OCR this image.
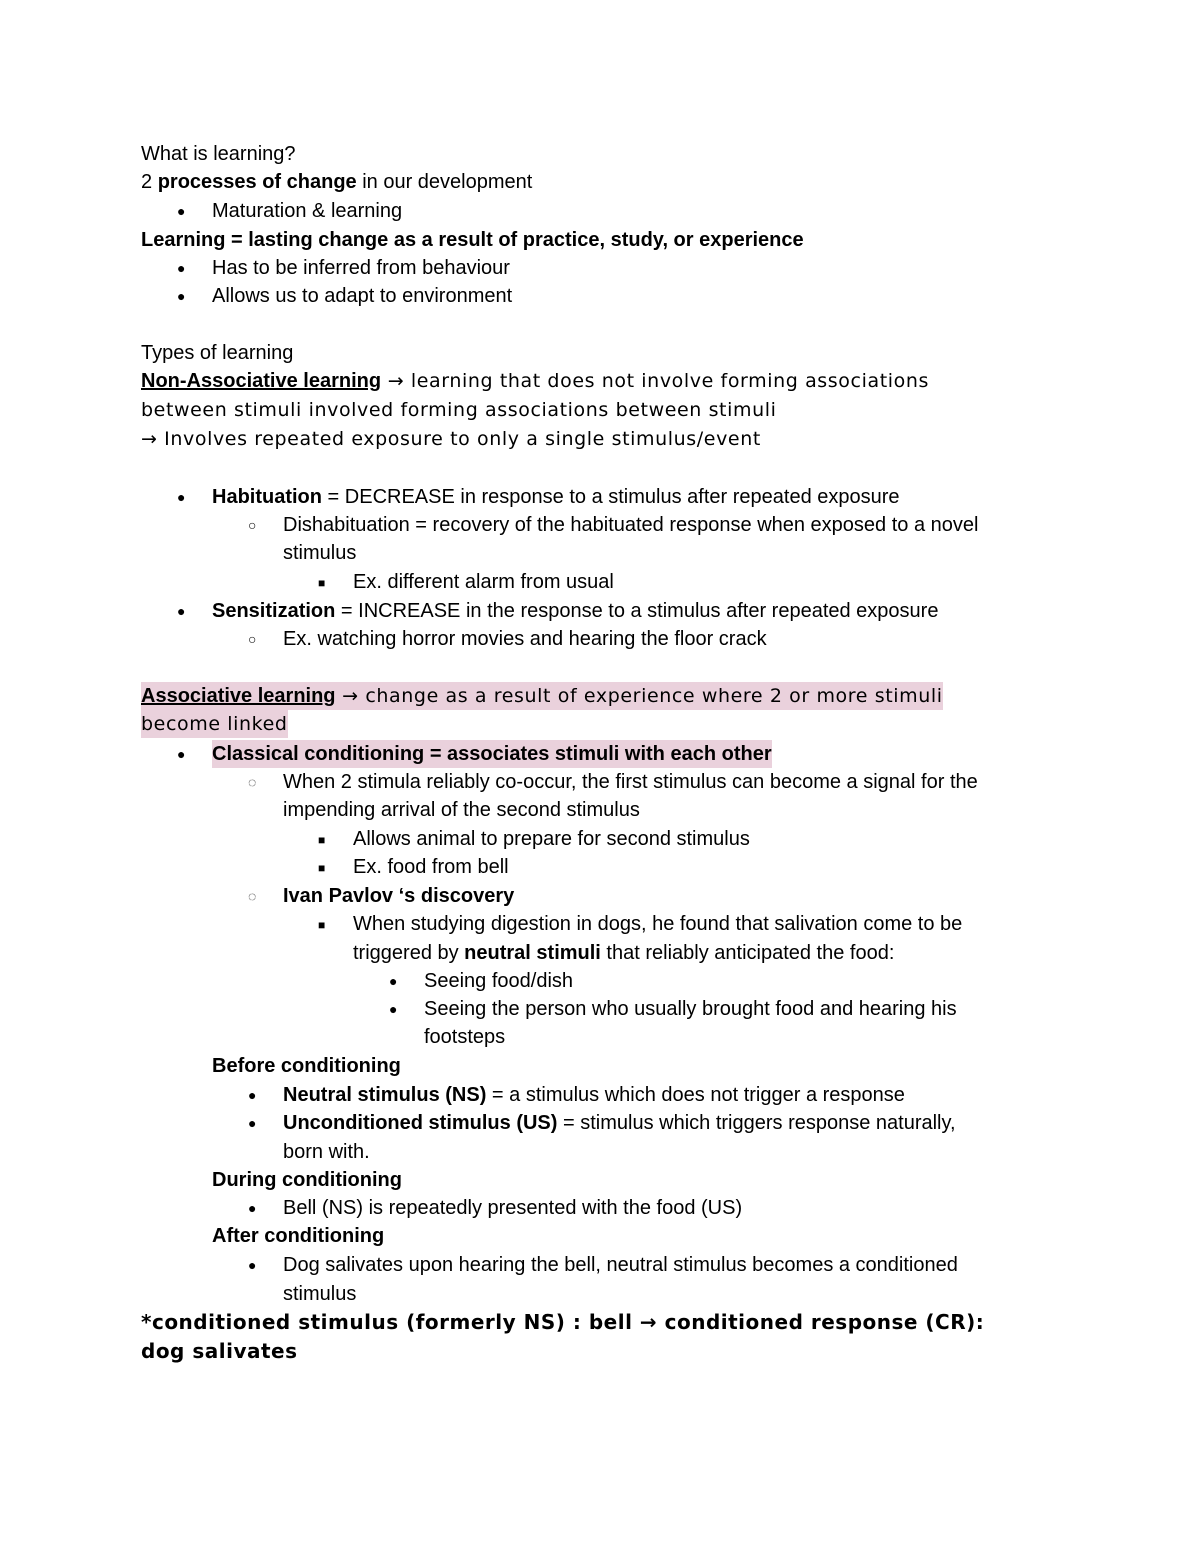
What is learning?
2 processes of change in our development
●
Maturation & learning
Learning = lasting change as a result of practice, study, or experience
●
Has to be inferred from behaviour
●
Allows us to adapt to environment
Types of learning
Non-Associative learning → learning that does not involve forming associations
between stimuli involved forming associations between stimuli
→ Involves repeated exposure to only a single stimulus/event
●
Habituation = DECREASE in response to a stimulus after repeated exposure
○
Dishabituation = recovery of the habituated response when exposed to a novel
stimulus
■
Ex. different alarm from usual
●
Sensitization = INCREASE in the response to a stimulus after repeated exposure
○
Ex. watching horror movies and hearing the floor crack
Associative learning → change as a result of experience where 2 or more stimuli
become linked
●
Classical conditioning = associates stimuli with each other
◌
When 2 stimula reliably co-occur, the first stimulus can become a signal for the
impending arrival of the second stimulus
■
Allows animal to prepare for second stimulus
■
Ex. food from bell
◌
Ivan Pavlov ‘s discovery
■
When studying digestion in dogs, he found that salivation come to be
triggered by neutral stimuli that reliably anticipated the food:
●
Seeing food/dish
●
Seeing the person who usually brought food and hearing his
footsteps
Before conditioning
●
Neutral stimulus (NS) = a stimulus which does not trigger a response
●
Unconditioned stimulus (US) = stimulus which triggers response naturally,
born with.
During conditioning
●
Bell (NS) is repeatedly presented with the food (US)
After conditioning
●
Dog salivates upon hearing the bell, neutral stimulus becomes a conditioned
stimulus
*conditioned stimulus (formerly NS) : bell → conditioned response (CR):
dog salivates
